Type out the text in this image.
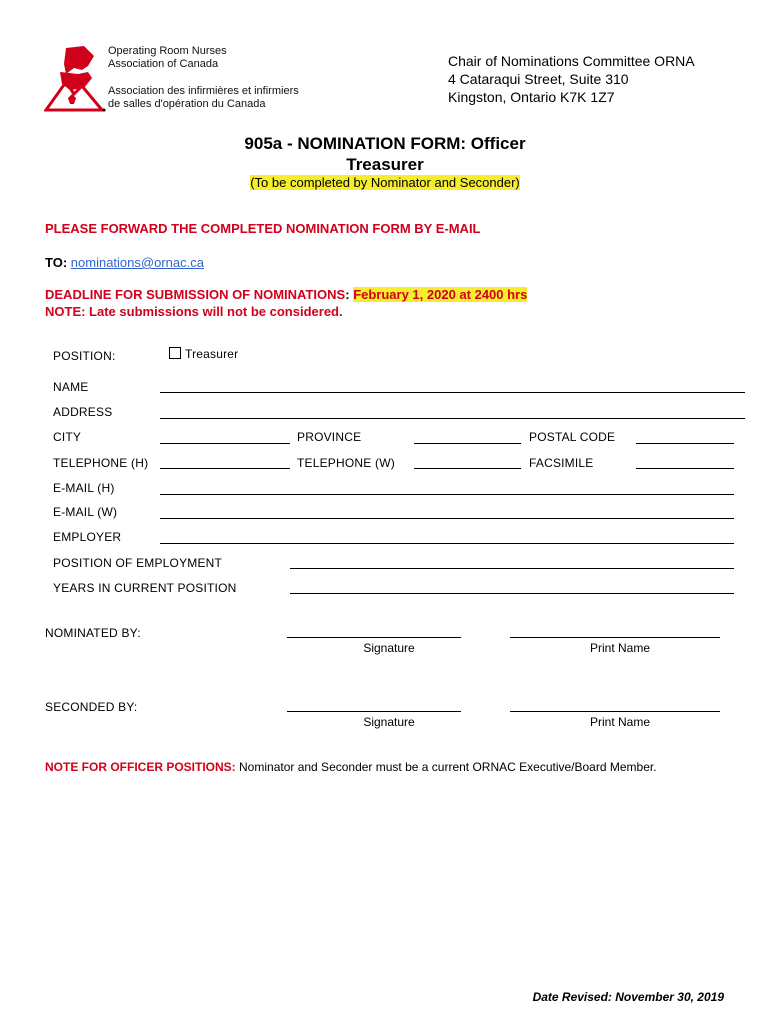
Operating Room Nurses
Association of Canada
Association des infirmières et infirmiers
de salles d'opération du Canada
Chair of Nominations Committee ORNA
4 Cataraqui Street, Suite 310
Kingston, Ontario K7K 1Z7
905a - NOMINATION FORM: Officer
Treasurer
(To be completed by Nominator and Seconder)
PLEASE FORWARD THE COMPLETED NOMINATION FORM BY E-MAIL
TO: nominations@ornac.ca
DEADLINE FOR SUBMISSION OF NOMINATIONS: February 1, 2020 at 2400 hrs
NOTE: Late submissions will not be considered.
POSITION:	Treasurer
NAME
ADDRESS
CITY	PROVINCE	POSTAL CODE
TELEPHONE (H)	TELEPHONE (W)	FACSIMILE
E-MAIL (H)
E-MAIL (W)
EMPLOYER
POSITION OF EMPLOYMENT
YEARS IN CURRENT POSITION
NOMINATED BY:
Signature	Print Name
SECONDED BY:
Signature	Print Name
NOTE FOR OFFICER POSITIONS: Nominator and Seconder must be a current ORNAC Executive/Board Member.
Date Revised: November 30, 2019
